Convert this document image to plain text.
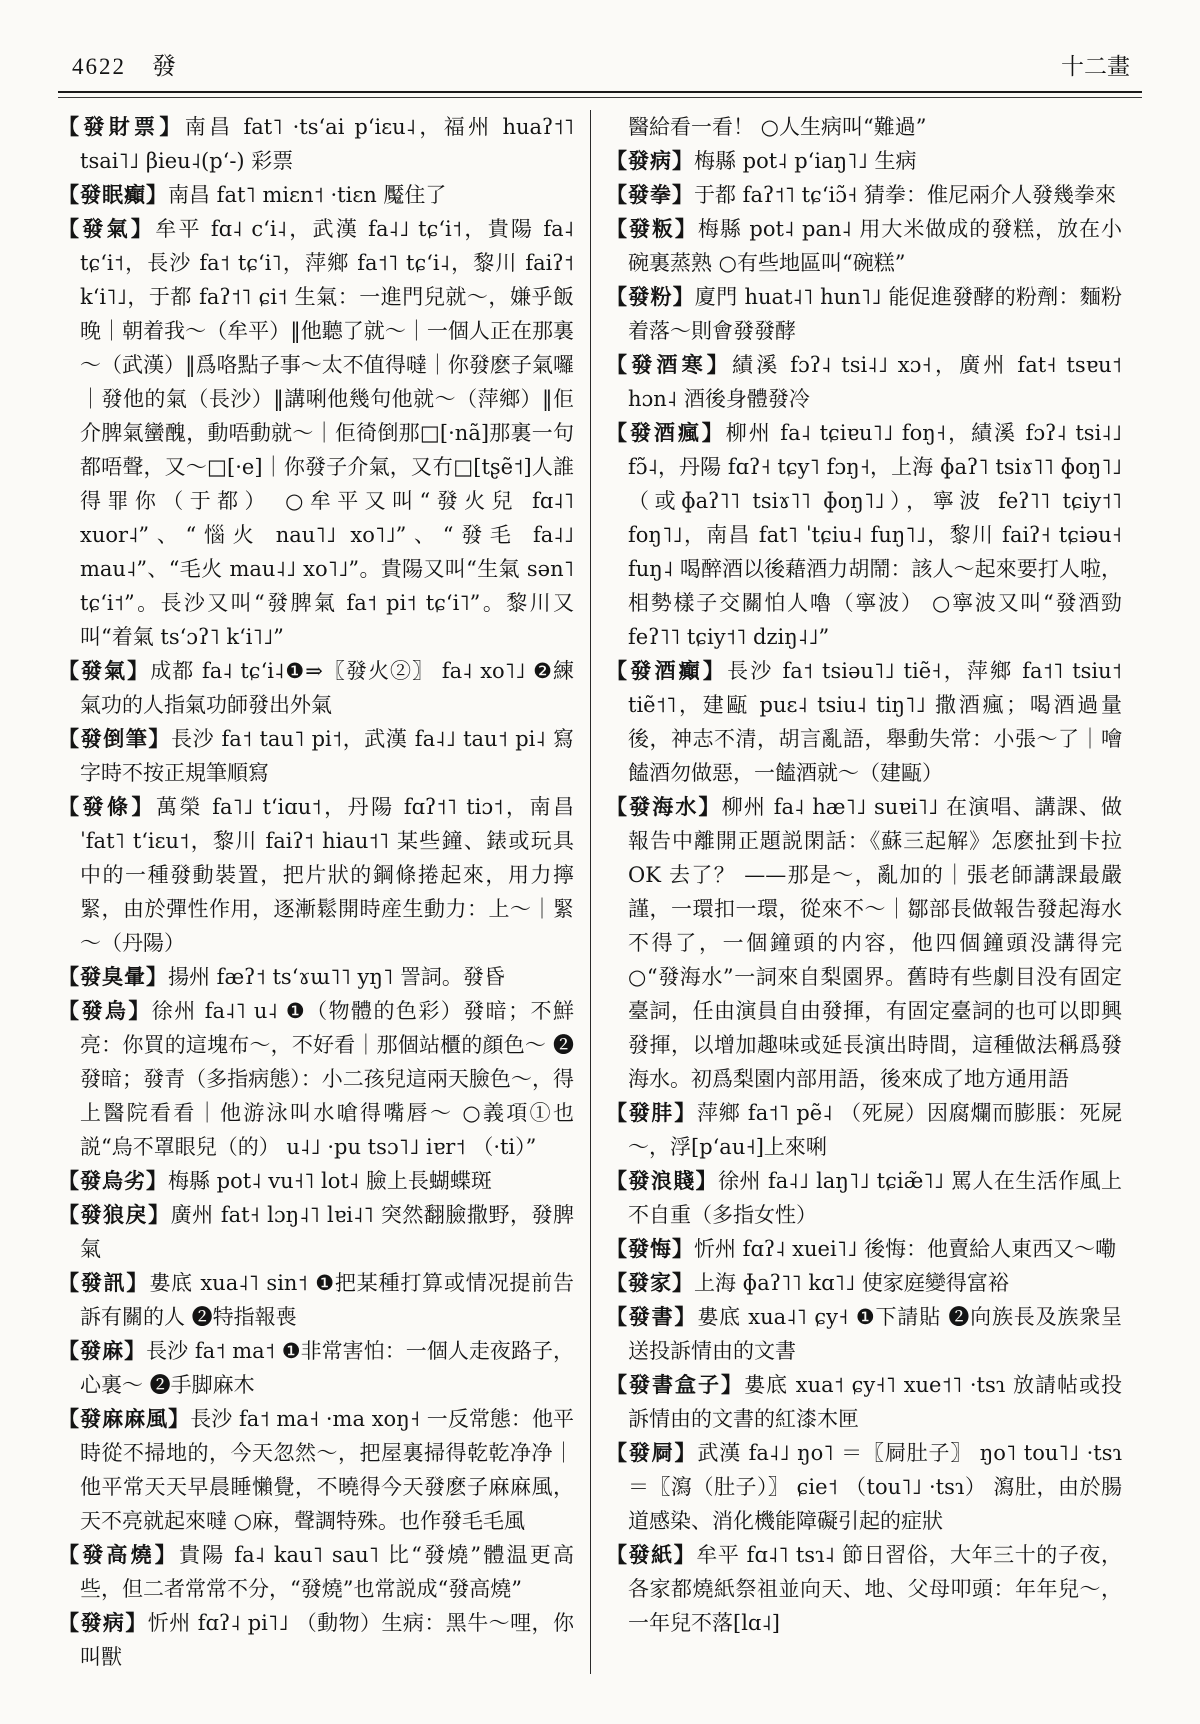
4622 發	十二畫

【發財票】南昌 fat˥ ·tsʻai pʻiɛu˨，福州 huaʔ˦˥ tsai˥˩ βieu˨(pʻ-) 彩票

【發眠癲】南昌 fat˥ miɛn˦ ·tiɛn 魘住了

【發氣】牟平 fɑ˨ cʻi˨，武漢 fa˨˩ tɕʻi˦，貴陽 fa˨ tɕʻi˦，長沙 fa˦ tɕʻi˥，萍鄉 fa˦˥ tɕʻi˨，黎川 faiʔ˦ kʻi˥˩，于都 faʔ˦˥ ɕi˦ 生氣：一進門兒就～，嫌乎飯晚｜朝着我～（牟平）‖他聽了就～｜一個人正在那裏～（武漢）‖爲咯點子事～太不值得噠｜你發麽子氣囉｜發他的氣（長沙）‖講唎他幾句他就～（萍鄉）‖佢介脾氣蠻醜，動唔動就～｜佢徛倒那□[·nã]那裏一句都唔聲，又～□[·e]｜你發子介氣，又冇□[tʂẽ˦]人誰得罪你（于都） ○牟平又叫“發火兒 fɑ˨˥ xuor˨”、“惱火 nau˥˩ xo˥˩”、“發毛 fa˨˩ mau˨”、“毛火 mau˨˩ xo˥˩”。貴陽又叫“生氣 sən˥ tɕʻi˦”。長沙又叫“發脾氣 fa˦ pi˦ tɕʻi˥”。黎川又叫“着氣 tsʻɔʔ˥ kʻi˥˩”

【發氣】成都 fa˨ tɕʻi˨❶⇒〖發火②〗 fa˨ xo˥˩ ❷練氣功的人指氣功師發出外氣

【發倒筆】長沙 fa˦ tau˥ pi˦，武漢 fa˨˩ tau˦ pi˨ 寫字時不按正規筆順寫

【發條】萬榮 fa˥˩ tʻiɑu˦，丹陽 fɑʔ˦˥ tiɔ˦，南昌 ˈfat˥ tʻiɛu˦，黎川 faiʔ˦ hiau˦˥ 某些鐘、錶或玩具中的一種發動裝置，把片狀的鋼條捲起來，用力擰緊，由於彈性作用，逐漸鬆開時産生動力：上～｜緊～（丹陽）

【發臭暈】揚州 fæʔ˦ tsʻɤɯ˥˥ yŋ˥ 詈詞。發昏

【發烏】徐州 fa˨˥ u˨ ❶（物體的色彩）發暗；不鮮亮：你買的這塊布～，不好看｜那個站櫃的顔色～ ❷發暗；發青（多指病態）：小二孩兒這兩天臉色～，得上醫院看看｜他游泳叫水嗆得嘴唇～ ○義項①也説“烏不罩眼兒（的） u˨˩ ·pu tsɔ˥˩ iɐr˦ （·ti）”

【發烏劣】梅縣 pot˨ vu˧˥ lot˨ 臉上長蝴蝶斑

【發狼戾】廣州 fat˧ lɔŋ˨˥ lɐi˨˥ 突然翻臉撒野，發脾氣

【發訊】婁底 xua˨˥ sin˦ ❶把某種打算或情况提前告訴有關的人 ❷特指報喪

【發麻】長沙 fa˦ ma˦ ❶非常害怕：一個人走夜路子，心裏～ ❷手脚麻木

【發麻麻風】長沙 fa˦ ma˧ ·ma xoŋ˧ 一反常態：他平時從不掃地的，今天忽然～，把屋裏掃得乾乾净净｜他平常天天早晨睡懶覺，不曉得今天發麽子麻麻風，天不亮就起來噠 ○麻，聲調特殊。也作發毛毛風

【發高燒】貴陽 fa˨ kau˥ sau˥ 比“發燒”體温更高些，但二者常常不分，“發燒”也常説成“發高燒”

【發病】忻州 fɑʔ˨ pi˥˩ （動物）生病：黑牛～哩，你叫獸

醫給看一看！ ○人生病叫“難過”

【發病】梅縣 pot˨ pʻiaŋ˥˩ 生病

【發拳】于都 faʔ˦˥ tɕʻiɔ̃˧ 猜拳：倠尼兩介人發幾拳來

【發粄】梅縣 pot˨ pan˨ 用大米做成的發糕，放在小碗裏蒸熟 ○有些地區叫“碗糕”

【發粉】廈門 huat˨˥ hun˥˩ 能促進發酵的粉劑：麵粉着落～則會發發酵

【發酒寒】績溪 fɔʔ˨ tsi˨˩ xɔ˧，廣州 fat˧ tsɐu˦ hɔn˨ 酒後身體發冷

【發酒瘋】柳州 fa˨ tɕiɐu˥˩ foŋ˧，績溪 fɔʔ˨ tsi˨˩ fɔ̃˨，丹陽 fɑʔ˧ tɕy˥ fɔŋ˧，上海 ɸaʔ˥ tsiɤ˥˥ ɸoŋ˥˩（或ɸaʔ˥˥ tsiɤ˥˥ ɸoŋ˥˩），寧波 feʔ˥˥ tɕiy˦˥ foŋ˥˩，南昌 fat˥ ˈtɕiu˨ fuŋ˥˩，黎川 faiʔ˧ tɕiəu˧ fuŋ˨ 喝醉酒以後藉酒力胡鬧：該人～起來要打人啦，相勢樣子交關怕人嚕（寧波） ○寧波又叫“發酒勁 feʔ˥˥ tɕiy˦˥ dziŋ˨˩”

【發酒癲】長沙 fa˦ tsiəu˥˩ tiẽ˧，萍鄉 fa˦˥ tsiu˦ tiẽ˦˥，建甌 puɛ˨ tsiu˨ tiŋ˥˩ 撒酒瘋；喝酒過量後，神志不清，胡言亂語，舉動失常：小張～了｜噲饁酒勿做惡，一饁酒就～（建甌）

【發海水】柳州 fa˨ hæ˥˩ suɐi˥˩ 在演唱、講課、做報告中離開正題説閑話：《蘇三起解》怎麽扯到卡拉 OK 去了？ ——那是～，亂加的｜張老師講課最嚴謹，一環扣一環，從來不～｜鄒部長做報告發起海水不得了，一個鐘頭的内容，他四個鐘頭没講得完 ○“發海水”一詞來自梨園界。舊時有些劇目没有固定臺詞，任由演員自由發揮，有固定臺詞的也可以即興發揮，以增加趣味或延長演出時間，這種做法稱爲發海水。初爲梨園内部用語，後來成了地方通用語

【發肨】萍鄉 fa˦˥ pẽ˨ （死屍）因腐爛而膨脹：死屍～，浮[pʻau˧]上來唎

【發浪賤】徐州 fa˨˩ laŋ˥˩ tɕiæ̃˥˩ 罵人在生活作風上不自重（多指女性）

【發悔】忻州 fɑʔ˨ xuei˥˩ 後悔：他賣給人東西又～嘞

【發家】上海 ɸaʔ˥˥ kɑ˥˩ 使家庭變得富裕

【發書】婁底 xua˨˥ ɕy˧ ❶下請貼 ❷向族長及族衆呈送投訴情由的文書

【發書盒子】婁底 xua˦ ɕy˧˥ xue˦˥ ·tsɿ 放請帖或投訴情由的文書的紅漆木匣

【發屙】武漢 fa˨˩ ŋo˥ ＝〖屙肚子〗 ŋo˥ tou˥˩ ·tsɿ ＝〖瀉（肚子）〗 ɕie˦ （tou˥˩ ·tsɿ） 瀉肚，由於腸道感染、消化機能障礙引起的症狀

【發紙】牟平 fɑ˨˥ tsɿ˨ 節日習俗，大年三十的子夜，各家都燒紙祭祖並向天、地、父母叩頭：年年兒～，一年兒不落[lɑ˨]
